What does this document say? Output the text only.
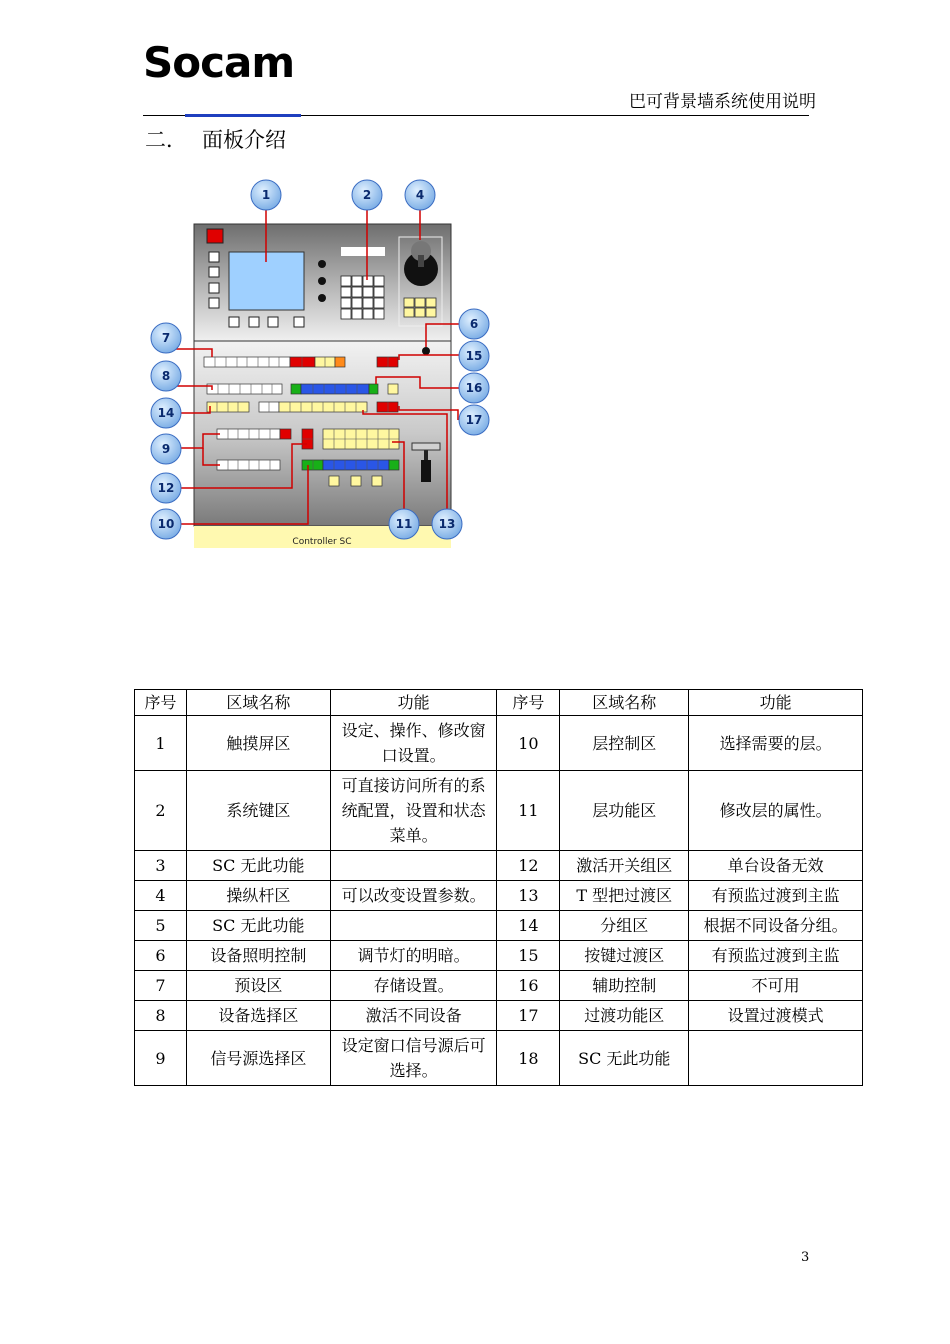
Socam
巴可背景墙系统使用说明
二． 面板介绍
Controller SC
1	2	4
6
7
8
14
9
12
10	11 13
15
16
17
序号	区域名称	功能	序号	区域名称	功能
1	触摸屏区	设定、操作、修改窗口设置。	10	层控制区	选择需要的层。
2	系统键区	可直接访问所有的系统配置，设置和状态菜单。	11	层功能区	修改层的属性。
3	SC 无此功能		12	激活开关组区	单台设备无效
4	操纵杆区	可以改变设置参数。	13	T 型把过渡区	有预监过渡到主监
5	SC 无此功能		14	分组区	根据不同设备分组。
6	设备照明控制	调节灯的明暗。	15	按键过渡区	有预监过渡到主监
7	预设区	存储设置。	16	辅助控制	不可用
8	设备选择区	激活不同设备	17	过渡功能区	设置过渡模式
9	信号源选择区	设定窗口信号源后可选择。	18	SC 无此功能	
3
